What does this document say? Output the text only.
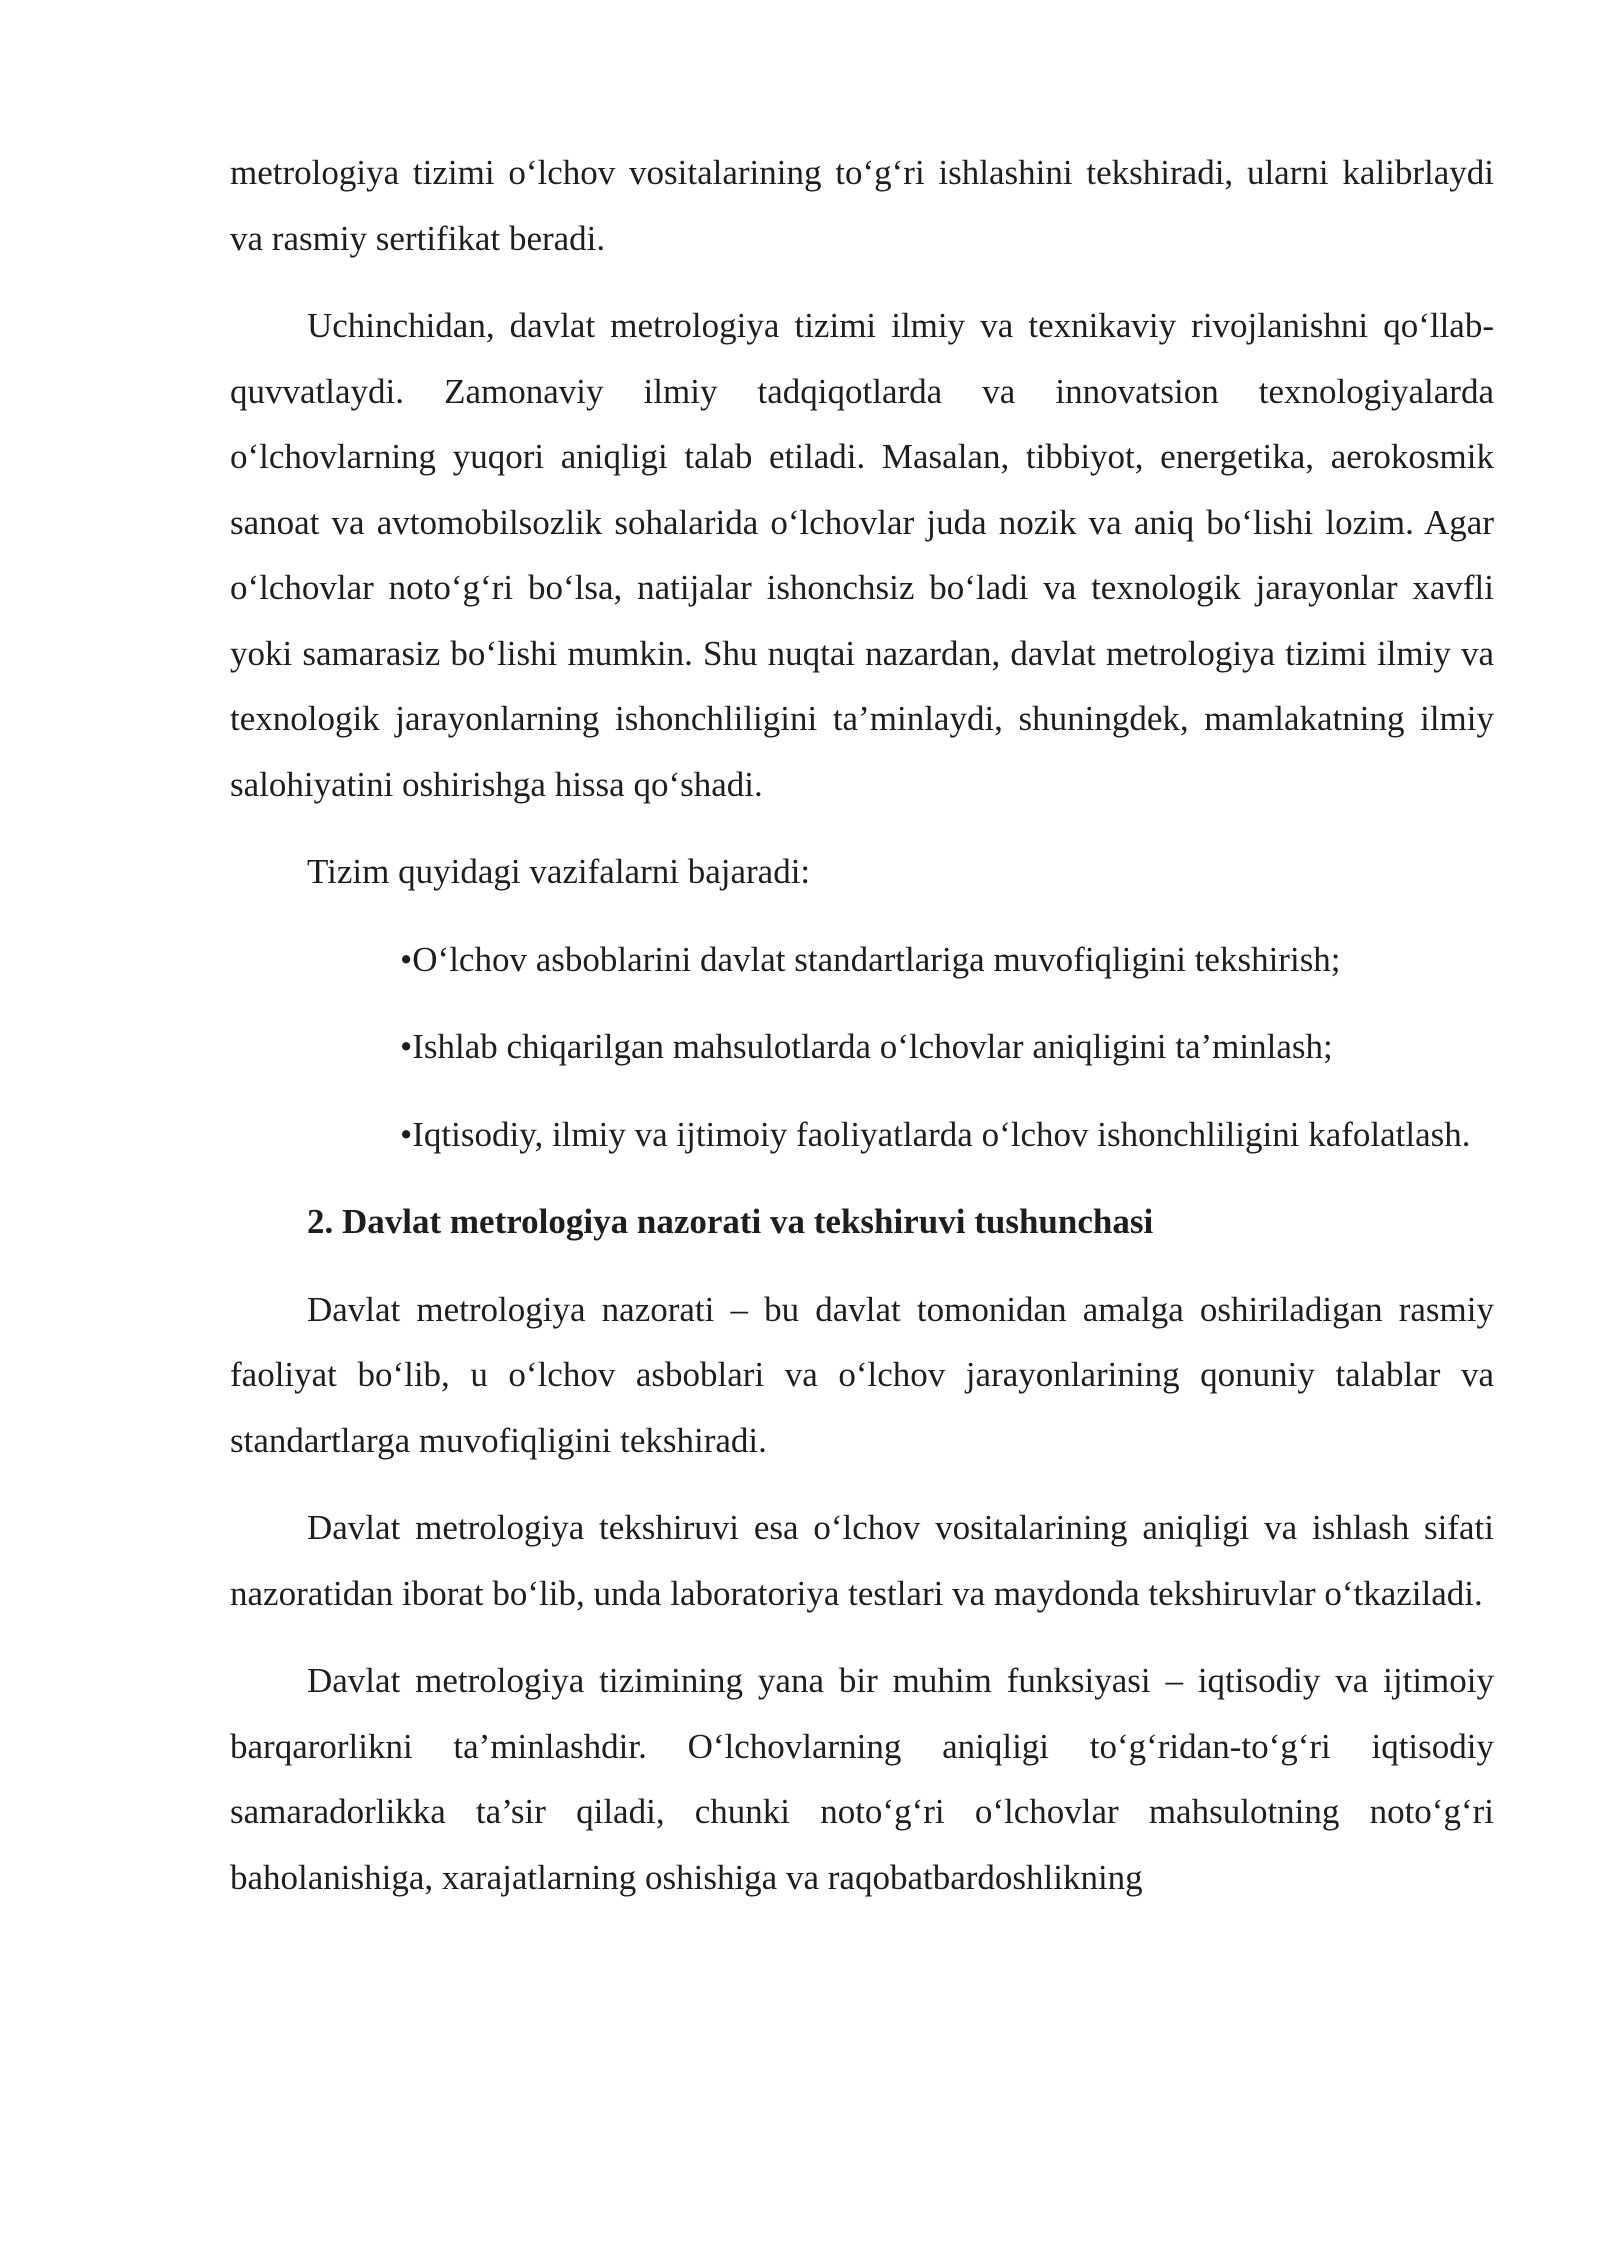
metrologiya tizimi o‘lchov vositalarining to‘g‘ri ishlashini tekshiradi, ularni kalibrlaydi va rasmiy sertifikat beradi.

Uchinchidan, davlat metrologiya tizimi ilmiy va texnikaviy rivojlanishni qo‘llab-quvvatlaydi. Zamonaviy ilmiy tadqiqotlarda va innovatsion texnologiyalarda o‘lchovlarning yuqori aniqligi talab etiladi. Masalan, tibbiyot, energetika, aerokosmik sanoat va avtomobilsozlik sohalarida o‘lchovlar juda nozik va aniq bo‘lishi lozim. Agar o‘lchovlar noto‘g‘ri bo‘lsa, natijalar ishonchsiz bo‘ladi va texnologik jarayonlar xavfli yoki samarasiz bo‘lishi mumkin. Shu nuqtai nazardan, davlat metrologiya tizimi ilmiy va texnologik jarayonlarning ishonchliligini ta’minlaydi, shuningdek, mamlakatning ilmiy salohiyatini oshirishga hissa qo‘shadi.

Tizim quyidagi vazifalarni bajaradi:

•O‘lchov asboblarini davlat standartlariga muvofiqligini tekshirish;
•Ishlab chiqarilgan mahsulotlarda o‘lchovlar aniqligini ta’minlash;
•Iqtisodiy, ilmiy va ijtimoiy faoliyatlarda o‘lchov ishonchliligini kafolatlash.

2. Davlat metrologiya nazorati va tekshiruvi tushunchasi

Davlat metrologiya nazorati – bu davlat tomonidan amalga oshiriladigan rasmiy faoliyat bo‘lib, u o‘lchov asboblari va o‘lchov jarayonlarining qonuniy talablar va standartlarga muvofiqligini tekshiradi.

Davlat metrologiya tekshiruvi esa o‘lchov vositalarining aniqligi va ishlash sifati nazoratidan iborat bo‘lib, unda laboratoriya testlari va maydonda tekshiruvlar o‘tkaziladi.

Davlat metrologiya tizimining yana bir muhim funksiyasi – iqtisodiy va ijtimoiy barqarorlikni ta’minlashdir. O‘lchovlarning aniqligi to‘g‘ridan-to‘g‘ri iqtisodiy samaradorlikka ta’sir qiladi, chunki noto‘g‘ri o‘lchovlar mahsulotning noto‘g‘ri baholanishiga, xarajatlarning oshishiga va raqobatbardoshlikning
